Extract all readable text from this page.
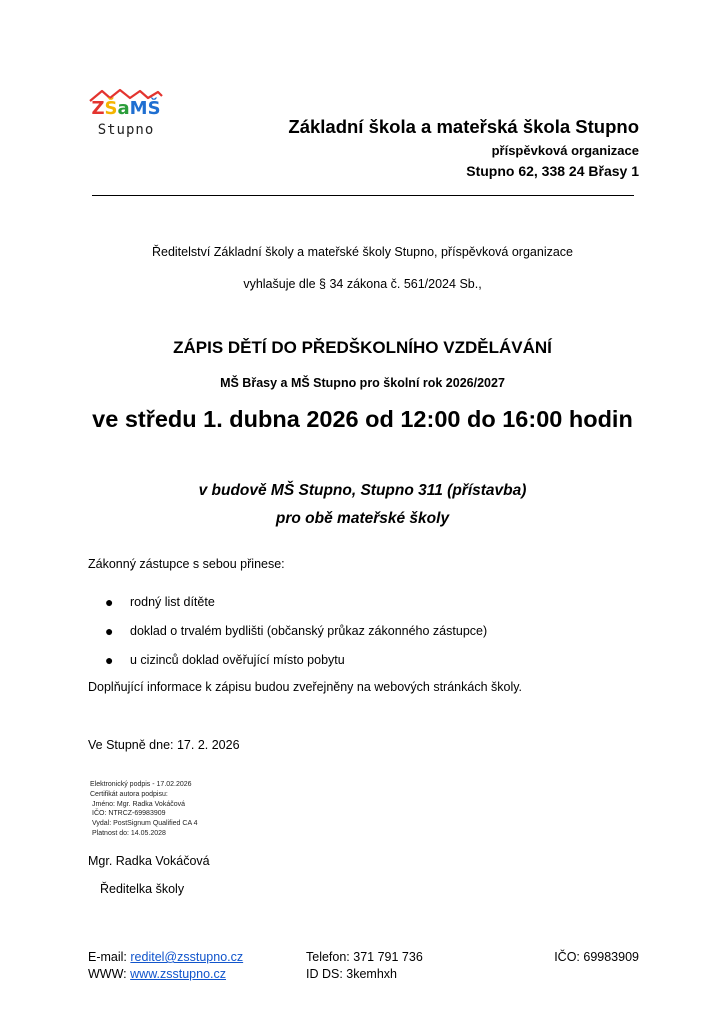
ZŠaMŠ
Stupno	Základní škola a mateřská škola Stupno
příspěvková organizace
Stupno 62, 338 24 Břasy 1
Ředitelství Základní školy a mateřské školy Stupno, příspěvková organizace
vyhlašuje dle § 34 zákona č. 561/2024 Sb.,
ZÁPIS DĚTÍ DO PŘEDŠKOLNÍHO VZDĚLÁVÁNÍ
MŠ Břasy a MŠ Stupno pro školní rok 2026/2027
ve středu 1. dubna 2026 od 12:00 do 16:00 hodin
v budově MŠ Stupno, Stupno 311 (přístavba)
pro obě mateřské školy
Zákonný zástupce s sebou přinese:
● rodný list dítěte
● doklad o trvalém bydlišti (občanský průkaz zákonného zástupce)
● u cizinců doklad ověřující místo pobytu
Doplňující informace k zápisu budou zveřejněny na webových stránkách školy.
Ve Stupně dne: 17. 2. 2026
Elektronický podpis - 17.02.2026
Certifikát autora podpisu:
Jméno: Mgr. Radka Vokáčová
IČO: NTRCZ-69983909
Vydal: PostSignum Qualified CA 4
Platnost do: 14.05.2028
Mgr. Radka Vokáčová
Ředitelka školy
E-mail: reditel@zsstupno.cz
WWW: www.zsstupno.cz
Telefon: 371 791 736
ID DS: 3kemhxh
IČO: 69983909
